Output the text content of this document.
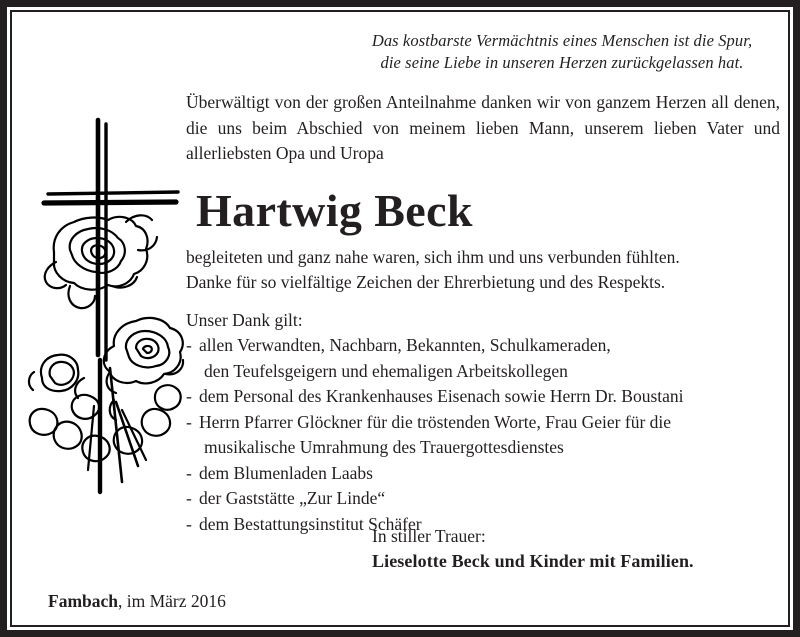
Das kostbarste Vermächtnis eines Menschen ist die Spur,
die seine Liebe in unseren Herzen zurückgelassen hat.

Überwältigt von der großen Anteilnahme danken wir von ganzem Herzen all denen, die uns beim Abschied von meinem lieben Mann, unserem lieben Vater und allerliebsten Opa und Uropa

Hartwig Beck

begleiteten und ganz nahe waren, sich ihm und uns verbunden fühlten.
Danke für so vielfältige Zeichen der Ehrerbietung und des Respekts.

Unser Dank gilt:

- allen Verwandten, Nachbarn, Bekannten, Schulkameraden,
den Teufelsgeigern und ehemaligen Arbeitskollegen
- dem Personal des Krankenhauses Eisenach sowie Herrn Dr. Boustani
- Herrn Pfarrer Glöckner für die tröstenden Worte, Frau Geier für die
musikalische Umrahmung des Trauergottesdienstes
- dem Blumenladen Laabs
- der Gaststätte „Zur Linde“
- dem Bestattungsinstitut Schäfer
In stiller Trauer:
Lieselotte Beck und Kinder mit Familien.
Fambach, im März 2016
